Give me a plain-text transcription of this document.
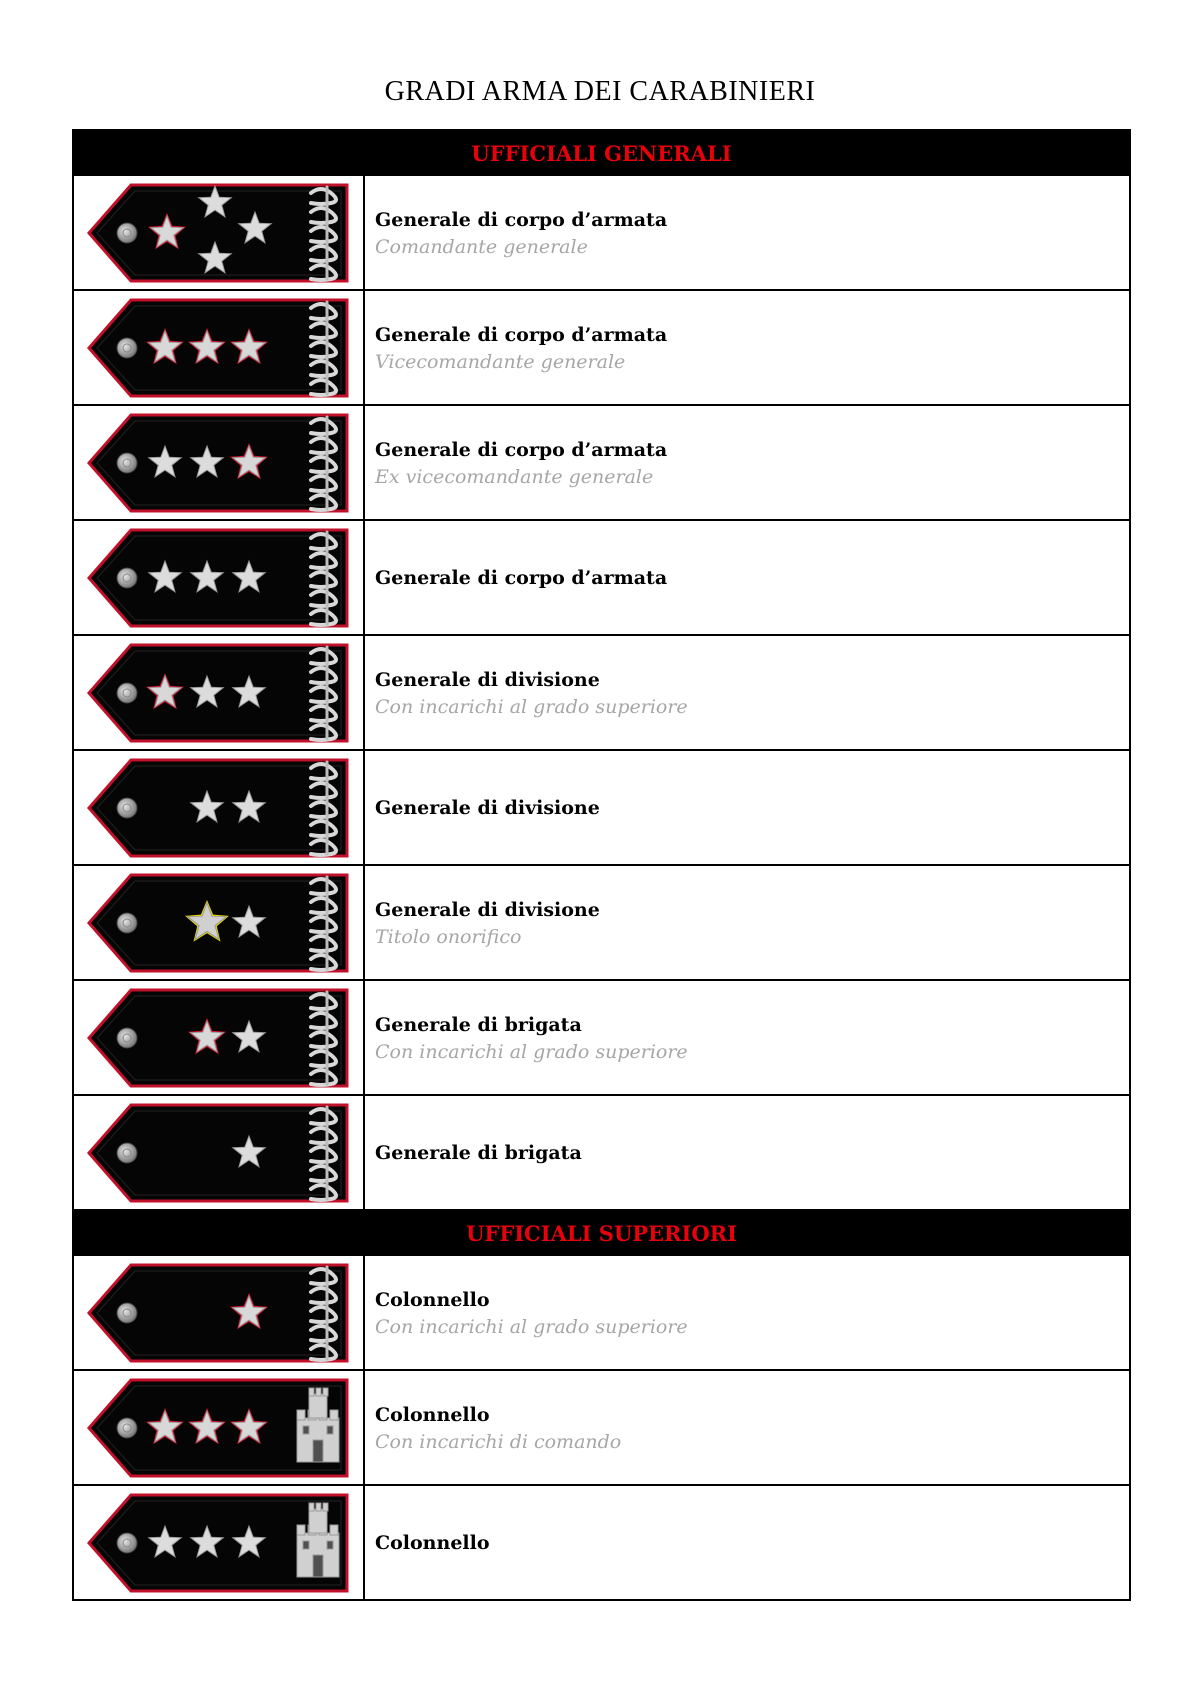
GRADI ARMA DEI CARABINIERI
UFFICIALI GENERALI
Generale di corpo d’armata
Comandante generale
Generale di corpo d’armata
Vicecomandante generale
Generale di corpo d’armata
Ex vicecomandante generale
Generale di corpo d’armata
Generale di divisione
Con incarichi al grado superiore
Generale di divisione
Generale di divisione
Titolo onorifico
Generale di brigata
Con incarichi al grado superiore
Generale di brigata
UFFICIALI SUPERIORI
Colonnello
Con incarichi al grado superiore
Colonnello
Con incarichi di comando
Colonnello
